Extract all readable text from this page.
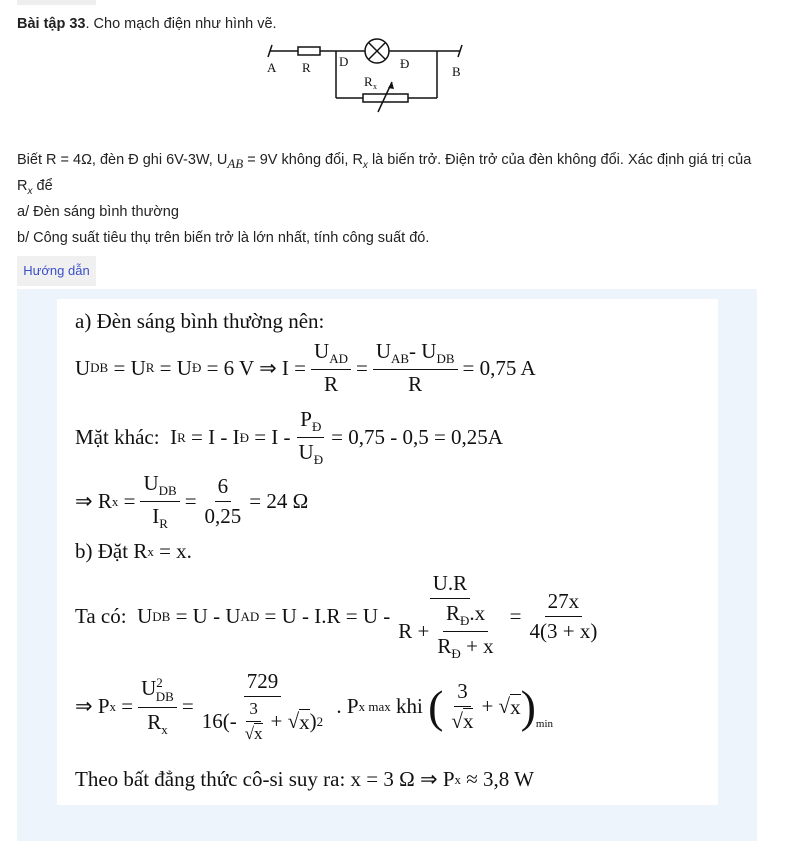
Bài tập 33. Cho mạch điện như hình vẽ.

A R D	Đ
B
R x

Biết R = 4Ω, đèn Đ ghi 6V-3W, $U_{AB} = 9V$ không đổi, $R_x$ là biến trở. Điện trở của đèn không đổi. Xác định giá trị của

$R_x$ để

a/ Đèn sáng bình thường

b/ Công suất tiêu thụ trên biến trở là lớn nhất, tính công suất đó.

Hướng dẫn
a) Đèn sáng bình thường nên:
U DB
= U R
= U Đ
= 6 V ⇒ $I = \frac{U_{AD}}{R} = \frac{U_{AB}- U_{DB}}{R} = 0,75$ A
Mặt khác:
I R
= I - I Đ
= $I - \frac{P_Đ}{U_Đ} = 0,75 - 0,5 = 0,25A$
⇒ R x
= $\frac{U_{DB}}{I_R} = \frac{6}{0,25} = 24$ Ω
b) Đặt R x
= x.
Ta có:
U DB
= U - U AD
= $U - I.R = U - \frac{U.R}{R + \frac{R_Đ.x}{R_Đ + x}} = \frac{27x}{4(3 + x)}$
⇒ P x
= $\frac{U^2_{DB}}{R_x} = \frac{729}{16( - \frac{3}{√x} + √ x ) 2}$
. P x max
khi
( $\frac{3}{√x}$ + √ x )$_{min}$
Theo bất đẳng thức cô-si suy ra: x = 3 Ω ⇒ P x
≈ 3,8 W
